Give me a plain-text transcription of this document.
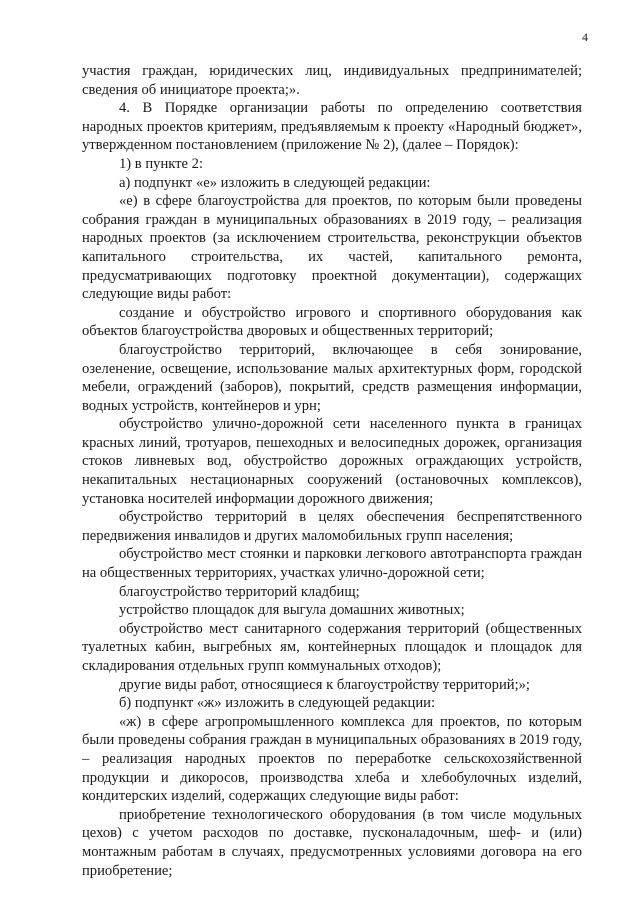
4

участия граждан, юридических лиц, индивидуальных предпринимателей; сведения об инициаторе проекта;».

4. В Порядке организации работы по определению соответствия народных проектов критериям, предъявляемым к проекту «Народный бюджет», утвержденном постановлением (приложение № 2), (далее – Порядок):

1) в пункте 2:

а) подпункт «е» изложить в следующей редакции:

«е) в сфере благоустройства для проектов, по которым были проведены собрания граждан в муниципальных образованиях в 2019 году, – реализация народных проектов (за исключением строительства, реконструкции объектов капитального строительства, их частей, капитального ремонта, предусматривающих подготовку проектной документации), содержащих следующие виды работ:

создание и обустройство игрового и спортивного оборудования как объектов благоустройства дворовых и общественных территорий;

благоустройство территорий, включающее в себя зонирование, озеленение, освещение, использование малых архитектурных форм, городской мебели, ограждений (заборов), покрытий, средств размещения информации, водных устройств, контейнеров и урн;

обустройство улично-дорожной сети населенного пункта в границах красных линий, тротуаров, пешеходных и велосипедных дорожек, организация стоков ливневых вод, обустройство дорожных ограждающих устройств, некапитальных нестационарных сооружений (остановочных комплексов), установка носителей информации дорожного движения;

обустройство территорий в целях обеспечения беспрепятственного передвижения инвалидов и других маломобильных групп населения;

обустройство мест стоянки и парковки легкового автотранспорта граждан на общественных территориях, участках улично-дорожной сети;

благоустройство территорий кладбищ;

устройство площадок для выгула домашних животных;

обустройство мест санитарного содержания территорий (общественных туалетных кабин, выгребных ям, контейнерных площадок и площадок для складирования отдельных групп коммунальных отходов);

другие виды работ, относящиеся к благоустройству территорий;»;

б) подпункт «ж» изложить в следующей редакции:

«ж) в сфере агропромышленного комплекса для проектов, по которым были проведены собрания граждан в муниципальных образованиях в 2019 году, – реализация народных проектов по переработке сельскохозяйственной продукции и дикоросов, производства хлеба и хлебобулочных изделий, кондитерских изделий, содержащих следующие виды работ:

приобретение технологического оборудования (в том числе модульных цехов) с учетом расходов по доставке, пусконаладочным, шеф- и (или) монтажным работам в случаях, предусмотренных условиями договора на его приобретение;
